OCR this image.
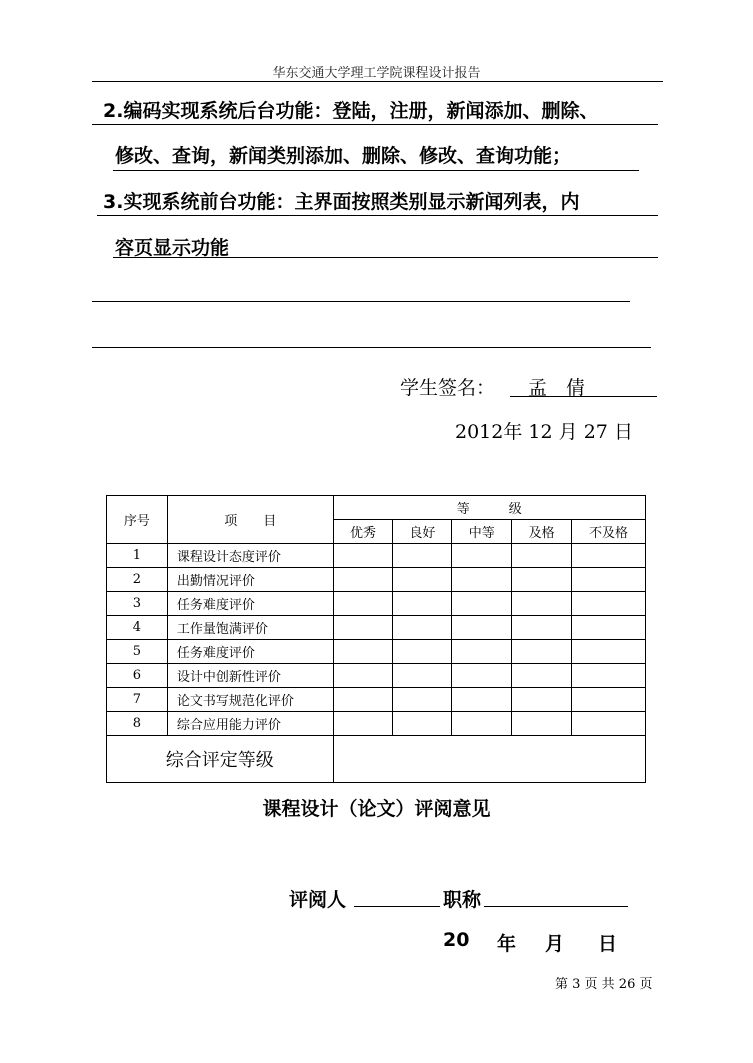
华东交通大学理工学院课程设计报告
2.编码实现系统后台功能：登陆，注册，新闻添加、删除、
修改、查询，新闻类别添加、删除、修改、查询功能；
3.实现系统前台功能：主界面按照类别显示新闻列表，内
容页显示功能
学生签名： 孟　倩
2012年 12 月 27 日
序号	项　　目	等　　　级				
		优秀	良好	中等	及格	不及格
1	课程设计态度评价					
2	出勤情况评价					
3	任务难度评价					
4	工作量饱满评价					
5	任务难度评价					
6	设计中创新性评价					
7	论文书写规范化评价					
8	综合应用能力评价					
综合评定等级						
课程设计（论文）评阅意见
评阅人	职称
20 年 月 日
第 3 页 共 26 页
